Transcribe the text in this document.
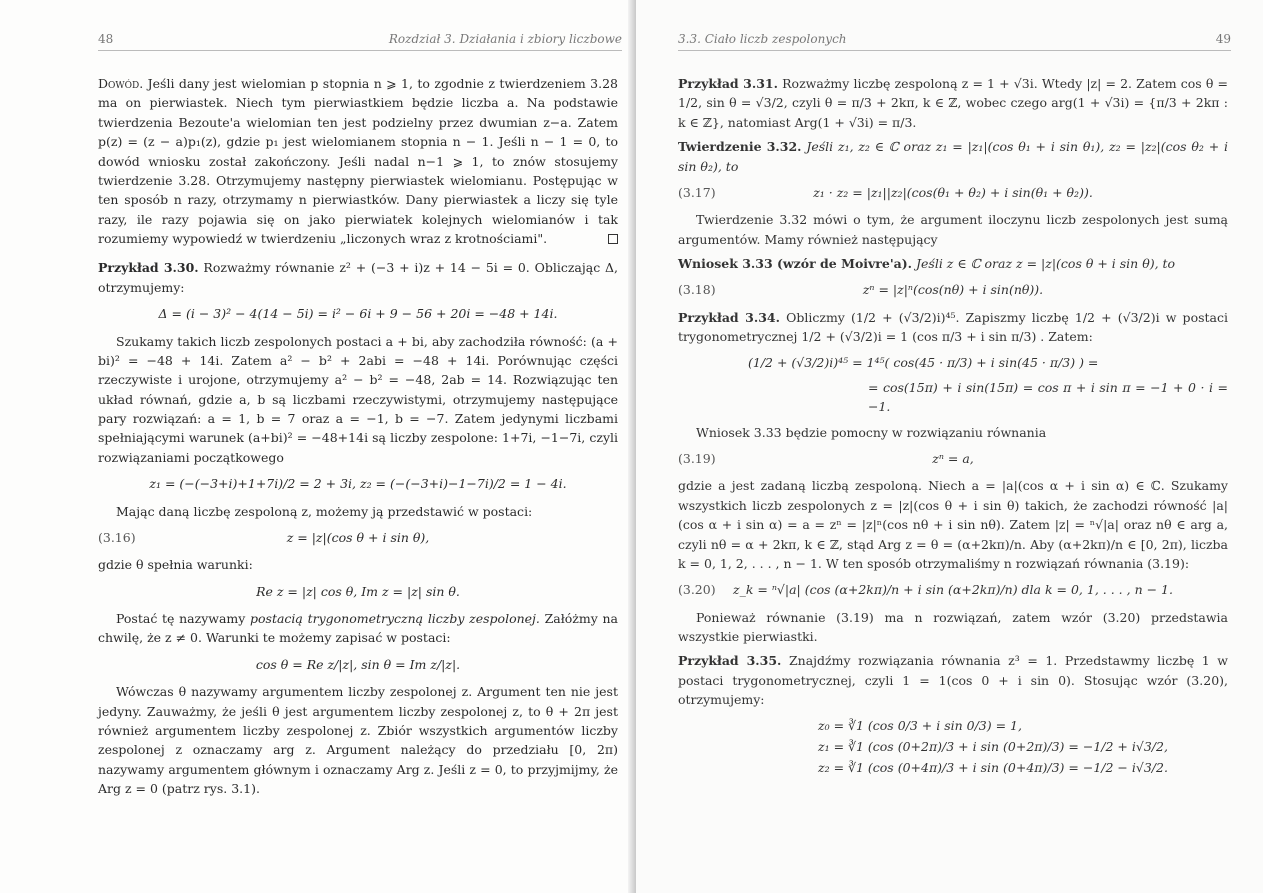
48	Rozdział 3. Działania i zbiory liczbowe

Dowód. Jeśli dany jest wielomian p stopnia n ⩾ 1, to zgodnie z twierdzeniem 3.28 ma on pierwiastek. Niech tym pierwiastkiem będzie liczba a. Na podstawie twierdzenia Bezoute'a wielomian ten jest podzielny przez dwumian z−a. Zatem p(z) = (z − a)p₁(z), gdzie p₁ jest wielomianem stopnia n − 1. Jeśli n − 1 = 0, to dowód wniosku został zakończony. Jeśli nadal n−1 ⩾ 1, to znów stosujemy twierdzenie 3.28. Otrzymujemy następny pierwiastek wielomianu. Postępując w ten sposób n razy, otrzymamy n pierwiastków. Dany pierwiastek a liczy się tyle razy, ile razy pojawia się on jako pierwiatek kolejnych wielomianów i tak rozumiemy wypowiedź w twierdzeniu „liczonych wraz z krotnościami".

Przykład 3.30. Rozważmy równanie z² + (−3 + i)z + 14 − 5i = 0. Obliczając Δ, otrzymujemy:

Δ = (i − 3)² − 4(14 − 5i) = i² − 6i + 9 − 56 + 20i = −48 + 14i.

Szukamy takich liczb zespolonych postaci a + bi, aby zachodziła równość: (a + bi)² = −48 + 14i. Zatem a² − b² + 2abi = −48 + 14i. Porównując części rzeczywiste i urojone, otrzymujemy a² − b² = −48, 2ab = 14. Rozwiązując ten układ równań, gdzie a, b są liczbami rzeczywistymi, otrzymujemy następujące pary rozwiązań: a = 1, b = 7 oraz a = −1, b = −7. Zatem jedynymi liczbami spełniającymi warunek (a+bi)² = −48+14i są liczby zespolone: 1+7i, −1−7i, czyli rozwiązaniami początkowego

z₁ = (−(−3+i)+1+7i)/2 = 2 + 3i, z₂ = (−(−3+i)−1−7i)/2 = 1 − 4i.

Mając daną liczbę zespoloną z, możemy ją przedstawić w postaci:

(3.16)	z = |z|(cos θ + i sin θ),

gdzie θ spełnia warunki:

Re z = |z| cos θ, Im z = |z| sin θ.

Postać tę nazywamy postacią trygonometryczną liczby zespolonej. Załóżmy na chwilę, że z ≠ 0. Warunki te możemy zapisać w postaci:

cos θ = Re z/|z|, sin θ = Im z/|z|.

Wówczas θ nazywamy argumentem liczby zespolonej z. Argument ten nie jest jedyny. Zauważmy, że jeśli θ jest argumentem liczby zespolonej z, to θ + 2π jest również argumentem liczby zespolonej z. Zbiór wszystkich argumentów liczby zespolonej z oznaczamy arg z. Argument należący do przedziału [0, 2π) nazywamy argumentem głównym i oznaczamy Arg z. Jeśli z = 0, to przyjmijmy, że Arg z = 0 (patrz rys. 3.1).

3.3. Ciało liczb zespolonych	49

Przykład 3.31. Rozważmy liczbę zespoloną z = 1 + √3i. Wtedy |z| = 2. Zatem cos θ = 1/2, sin θ = √3/2, czyli θ = π/3 + 2kπ, k ∈ ℤ, wobec czego arg(1 + √3i) = {π/3 + 2kπ : k ∈ ℤ}, natomiast Arg(1 + √3i) = π/3.

Twierdzenie 3.32. Jeśli z₁, z₂ ∈ ℂ oraz z₁ = |z₁|(cos θ₁ + i sin θ₁), z₂ = |z₂|(cos θ₂ + i sin θ₂), to

(3.17)	z₁ · z₂ = |z₁||z₂|(cos(θ₁ + θ₂) + i sin(θ₁ + θ₂)).

Twierdzenie 3.32 mówi o tym, że argument iloczynu liczb zespolonych jest sumą argumentów. Mamy również następujący

Wniosek 3.33 (wzór de Moivre'a). Jeśli z ∈ ℂ oraz z = |z|(cos θ + i sin θ), to

(3.18)	zⁿ = |z|ⁿ(cos(nθ) + i sin(nθ)).

Przykład 3.34. Obliczmy (1/2 + (√3/2)i)⁴⁵. Zapiszmy liczbę 1/2 + (√3/2)i w postaci trygonometrycznej 1/2 + (√3/2)i = 1 (cos π/3 + i sin π/3) . Zatem:

(1/2 + (√3/2)i)⁴⁵ = 1⁴⁵( cos(45 · π/3) + i sin(45 · π/3) ) =
= cos(15π) + i sin(15π) = cos π + i sin π = −1 + 0 · i = −1.

Wniosek 3.33 będzie pomocny w rozwiązaniu równania

(3.19)	zⁿ = a,

gdzie a jest zadaną liczbą zespoloną. Niech a = |a|(cos α + i sin α) ∈ ℂ. Szukamy wszystkich liczb zespolonych z = |z|(cos θ + i sin θ) takich, że zachodzi równość |a|(cos α + i sin α) = a = zⁿ = |z|ⁿ(cos nθ + i sin nθ). Zatem |z| = ⁿ√|a| oraz nθ ∈ arg a, czyli nθ = α + 2kπ, k ∈ ℤ, stąd Arg z = θ = (α+2kπ)/n. Aby (α+2kπ)/n ∈ [0, 2π), liczba k = 0, 1, 2, . . . , n − 1. W ten sposób otrzymaliśmy n rozwiązań równania (3.19):

(3.20) z_k = ⁿ√|a| (cos (α+2kπ)/n + i sin (α+2kπ)/n) dla k = 0, 1, . . . , n − 1.

Ponieważ równanie (3.19) ma n rozwiązań, zatem wzór (3.20) przedstawia wszystkie pierwiastki.

Przykład 3.35. Znajdźmy rozwiązania równania z³ = 1. Przedstawmy liczbę 1 w postaci trygonometrycznej, czyli 1 = 1(cos 0 + i sin 0). Stosując wzór (3.20), otrzymujemy:

z₀ = ∛1 (cos 0/3 + i sin 0/3) = 1,
z₁ = ∛1 (cos (0+2π)/3 + i sin (0+2π)/3) = −1/2 + i√3/2,
z₂ = ∛1 (cos (0+4π)/3 + i sin (0+4π)/3) = −1/2 − i√3/2.
